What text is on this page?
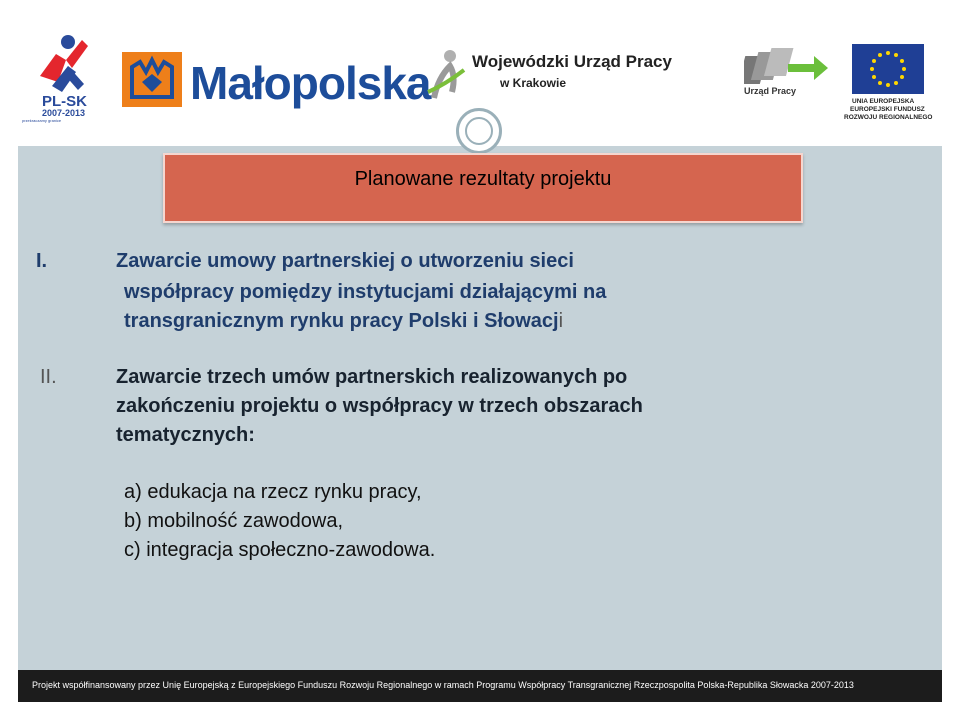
PL-SK
2007-2013
przekraczamy granice
Małopolska Wojewódzki Urząd Pracy
w Krakowie
Urząd Pracy
UNIA EUROPEJSKA
EUROPEJSKI FUNDUSZ
ROZWOJU REGIONALNEGO
Planowane rezultaty projektu
I.	Zawarcie umowy partnerskiej o utworzeniu sieci
współpracy pomiędzy instytucjami działającymi na
transgranicznym rynku pracy Polski i Słowacji
II.	Zawarcie trzech umów partnerskich realizowanych po
zakończeniu projektu o współpracy w trzech obszarach
tematycznych:
a) edukacja na rzecz rynku pracy,
b) mobilność zawodowa,
c) integracja społeczno-zawodowa.
Projekt współfinansowany przez Unię Europejską z Europejskiego Funduszu Rozwoju Regionalnego w ramach Programu Współpracy Transgranicznej Rzeczpospolita Polska-Republika Słowacka 2007-2013
